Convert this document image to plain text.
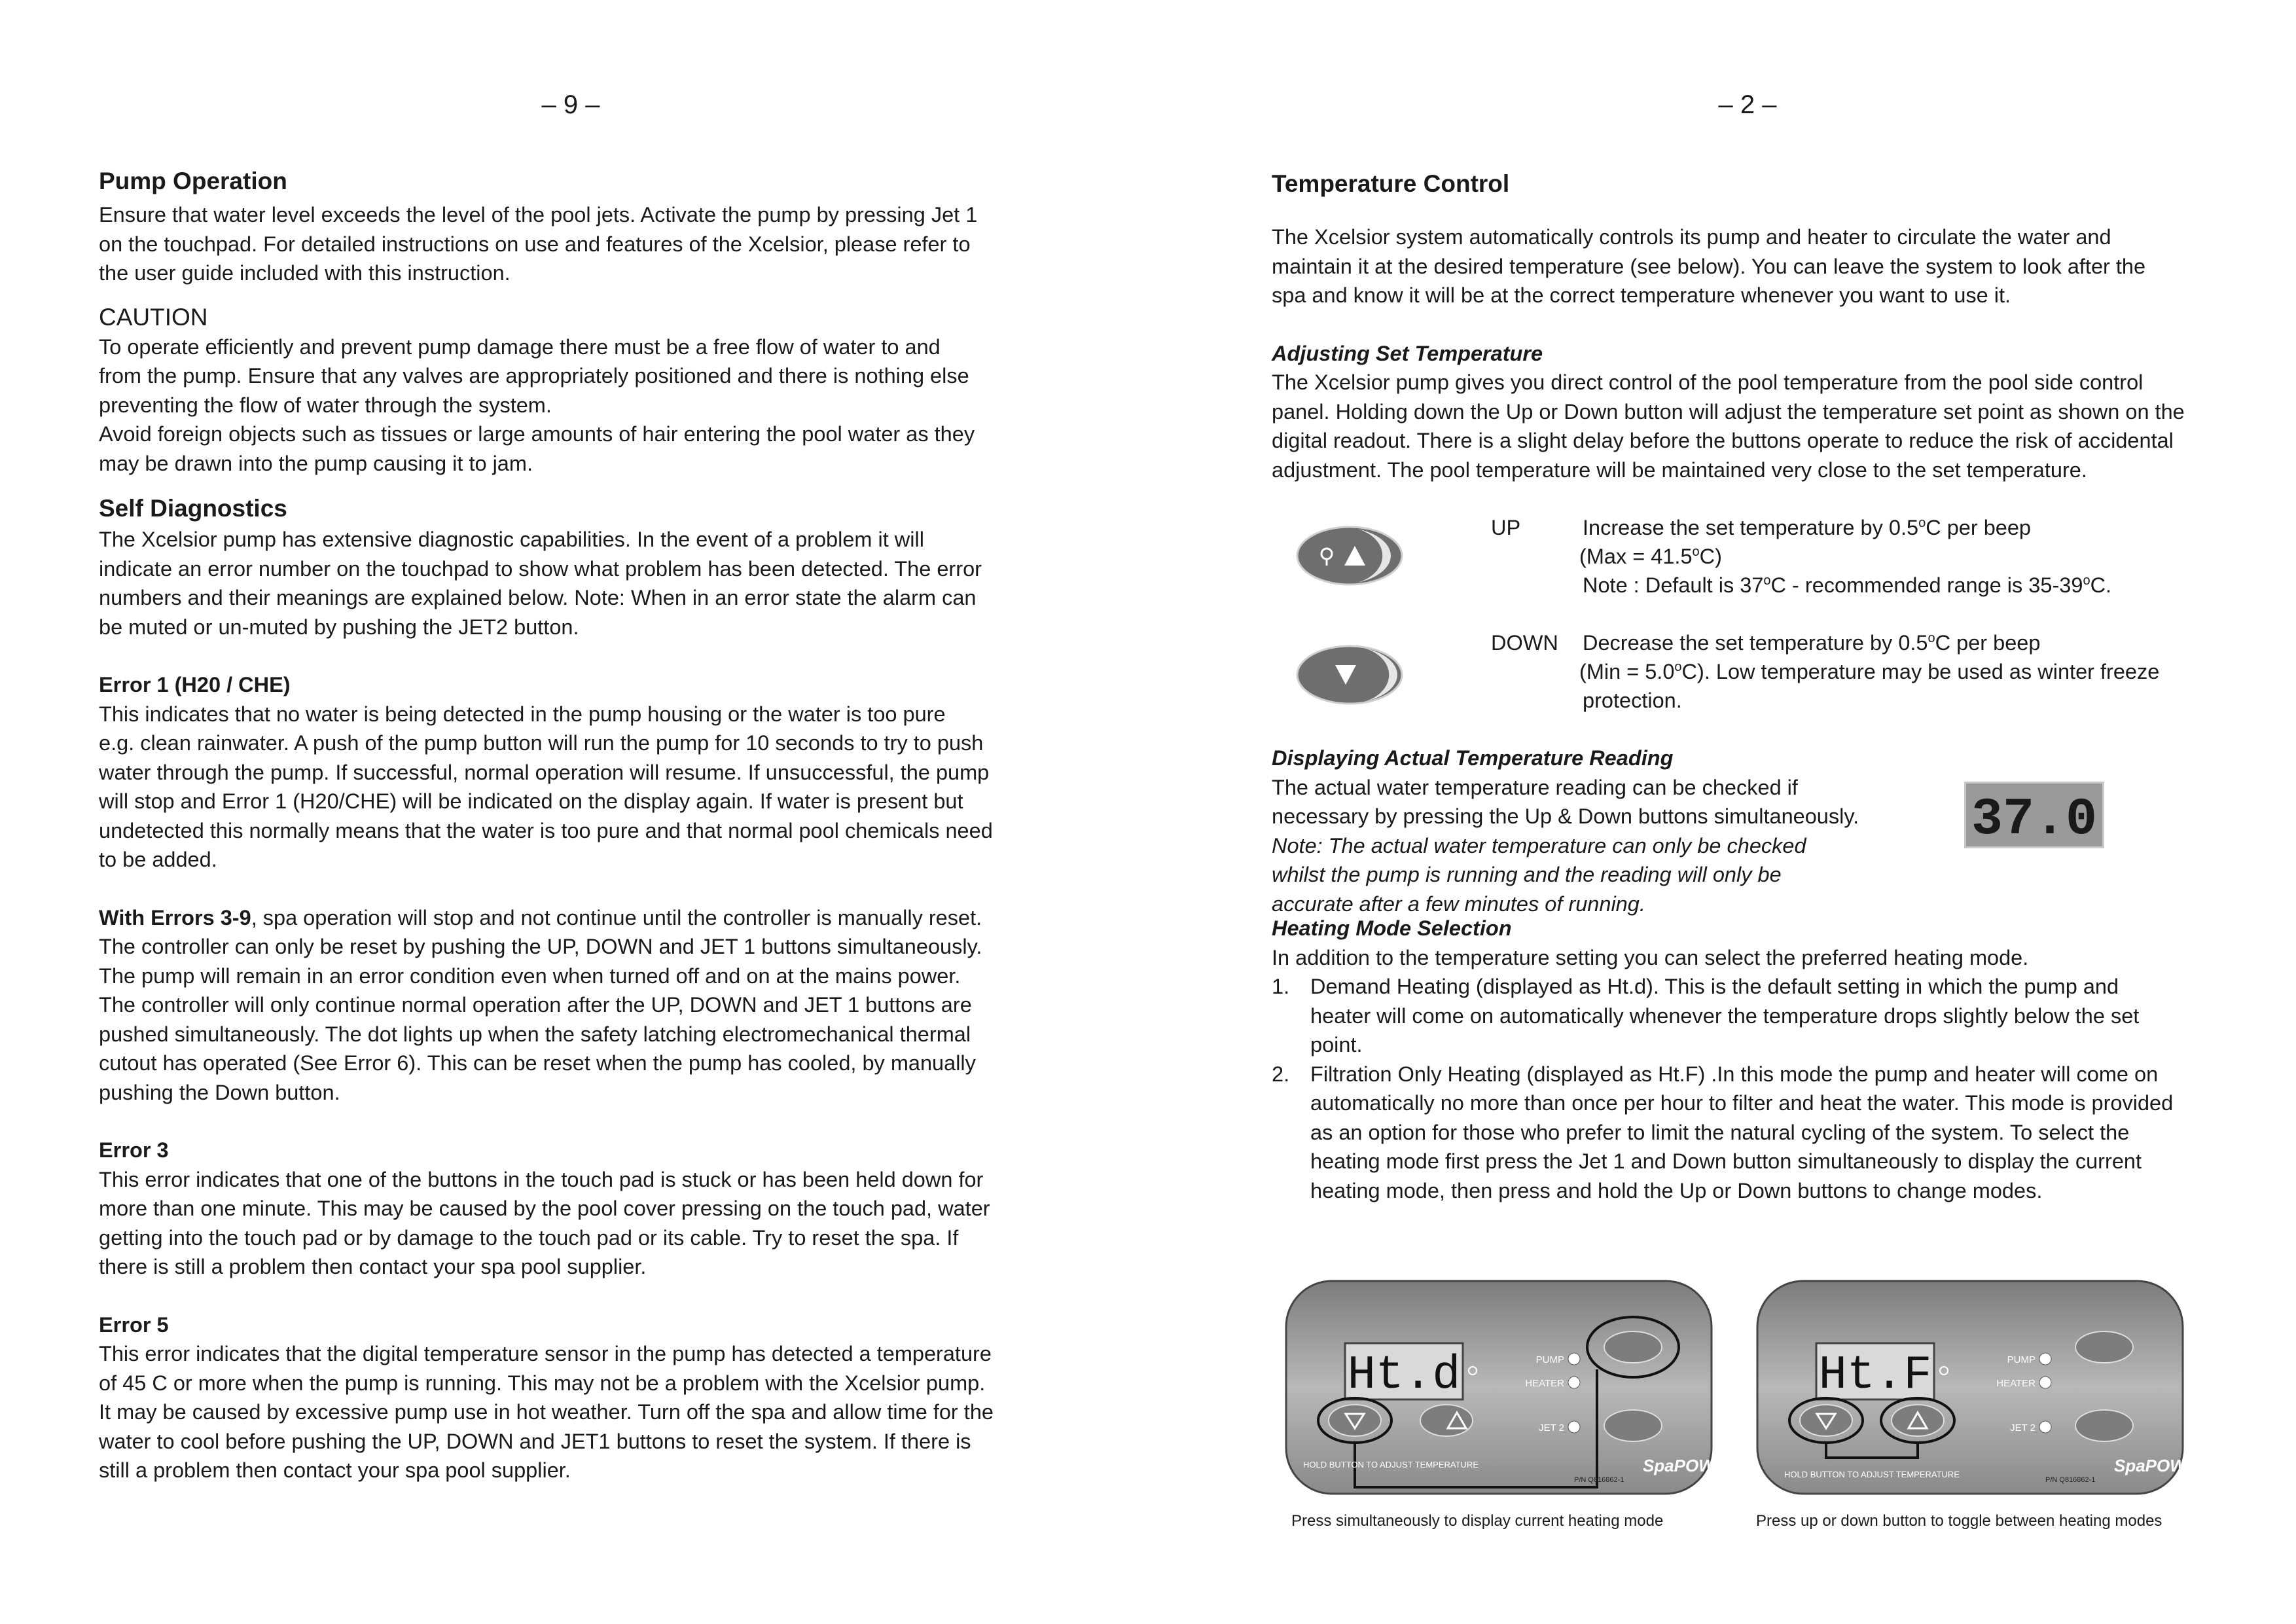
– 9 –
Pump Operation

Ensure that water level exceeds the level of the pool jets. Activate the pump by pressing Jet 1

on the touchpad. For detailed instructions on use and features of the Xcelsior, please refer to

the user guide included with this instruction.

CAUTION

To operate efficiently and prevent pump damage there must be a free flow of water to and

from the pump. Ensure that any valves are appropriately positioned and there is nothing else

preventing the flow of water through the system.

Avoid foreign objects such as tissues or large amounts of hair entering the pool water as they

may be drawn into the pump causing it to jam.

Self Diagnostics

The Xcelsior pump has extensive diagnostic capabilities. In the event of a problem it will

indicate an error number on the touchpad to show what problem has been detected. The error

numbers and their meanings are explained below. Note: When in an error state the alarm can

be muted or un-muted by pushing the JET2 button.

Error 1 (H20 / CHE)

This indicates that no water is being detected in the pump housing or the water is too pure

e.g. clean rainwater. A push of the pump button will run the pump for 10 seconds to try to push

water through the pump. If successful, normal operation will resume. If unsuccessful, the pump

will stop and Error 1 (H20/CHE) will be indicated on the display again. If water is present but

undetected this normally means that the water is too pure and that normal pool chemicals need

to be added.

With Errors 3-9, spa operation will stop and not continue until the controller is manually reset.

The controller can only be reset by pushing the UP, DOWN and JET 1 buttons simultaneously.

The pump will remain in an error condition even when turned off and on at the mains power.

The controller will only continue normal operation after the UP, DOWN and JET 1 buttons are

pushed simultaneously. The dot lights up when the safety latching electromechanical thermal

cutout has operated (See Error 6). This can be reset when the pump has cooled, by manually

pushing the Down button.

Error 3

This error indicates that one of the buttons in the touch pad is stuck or has been held down for

more than one minute. This may be caused by the pool cover pressing on the touch pad, water

getting into the touch pad or by damage to the touch pad or its cable. Try to reset the spa. If

there is still a problem then contact your spa pool supplier.

Error 5

This error indicates that the digital temperature sensor in the pump has detected a temperature

of 45 C or more when the pump is running. This may not be a problem with the Xcelsior pump.

It may be caused by excessive pump use in hot weather. Turn off the spa and allow time for the

water to cool before pushing the UP, DOWN and JET1 buttons to reset the system. If there is

still a problem then contact your spa pool supplier.

– 2 –
Temperature Control

The Xcelsior system automatically controls its pump and heater to circulate the water and

maintain it at the desired temperature (see below). You can leave the system to look after the

spa and know it will be at the correct temperature whenever you want to use it.

Adjusting Set Temperature

The Xcelsior pump gives you direct control of the pool temperature from the pool side control

panel. Holding down the Up or Down button will adjust the temperature set point as shown on the

digital readout. There is a slight delay before the buttons operate to reduce the risk of accidental

adjustment. The pool temperature will be maintained very close to the set temperature.

UP	Increase the set temperature by 0.5$^o$C per beep
$(Max = 41.5^oC)$
Note : Default is 37$^o$C - recommended range is 35-39$^o$C.
DOWN Decrease the set temperature by 0.5$^o$C per beep
$(Min = 5.0^oC)$. Low temperature may be used as winter freeze
protection.

Displaying Actual Temperature Reading

The actual water temperature reading can be checked if

necessary by pressing the Up & Down buttons simultaneously.

Note: The actual water temperature can only be checked

whilst the pump is running and the reading will only be

accurate after a few minutes of running.

37.0

Heating Mode Selection

In addition to the temperature setting you can select the preferred heating mode.

1. Demand Heating (displayed as Ht.d). This is the default setting in which the pump and

heater will come on automatically whenever the temperature drops slightly below the set

point.

2. Filtration Only Heating (displayed as Ht.F) .In this mode the pump and heater will come on

automatically no more than once per hour to filter and heat the water. This mode is provided

as an option for those who prefer to limit the natural cycling of the system. To select the

heating mode first press the Jet 1 and Down button simultaneously to display the current

heating mode, then press and hold the Up or Down buttons to change modes.

Ht.d	PUMP
HEATER
JET 2
HOLD BUTTON TO ADJUST TEMPERATURE
P/N Q816862-1
SpaPOWER
Ht.F	PUMP
HEATER
JET 2
HOLD BUTTON TO ADJUST TEMPERATURE
P/N Q816862-1
SpaPOWER
Press simultaneously to display current heating mode	Press up or down button to toggle between heating modes
